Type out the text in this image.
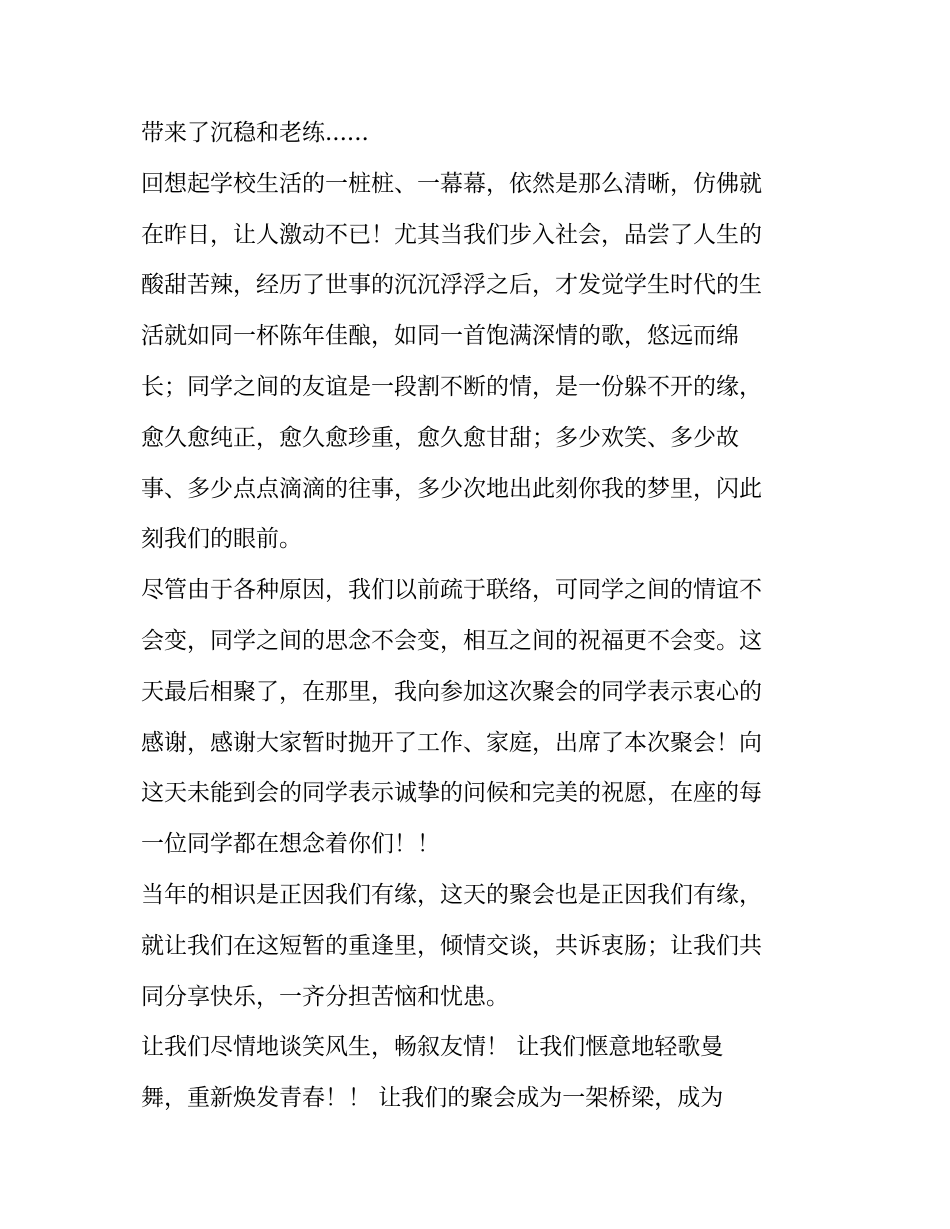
带来了沉稳和老练......
回想起学校生活的一桩桩、一幕幕，依然是那么清晰，仿佛就
在昨日，让人激动不已！尤其当我们步入社会，品尝了人生的
酸甜苦辣，经历了世事的沉沉浮浮之后，才发觉学生时代的生
活就如同一杯陈年佳酿，如同一首饱满深情的歌，悠远而绵
长；同学之间的友谊是一段割不断的情，是一份躲不开的缘，
愈久愈纯正，愈久愈珍重，愈久愈甘甜；多少欢笑、多少故
事、多少点点滴滴的往事，多少次地出此刻你我的梦里，闪此
刻我们的眼前。
尽管由于各种原因，我们以前疏于联络，可同学之间的情谊不
会变，同学之间的思念不会变，相互之间的祝福更不会变。这
天最后相聚了，在那里，我向参加这次聚会的同学表示衷心的
感谢，感谢大家暂时抛开了工作、家庭，出席了本次聚会！向
这天未能到会的同学表示诚挚的问候和完美的祝愿，在座的每
一位同学都在想念着你们！！
当年的相识是正因我们有缘，这天的聚会也是正因我们有缘，
就让我们在这短暂的重逢里，倾情交谈，共诉衷肠；让我们共
同分享快乐，一齐分担苦恼和忧患。
让我们尽情地谈笑风生，畅叙友情！ 让我们惬意地轻歌曼
舞，重新焕发青春！！ 让我们的聚会成为一架桥梁，成为
